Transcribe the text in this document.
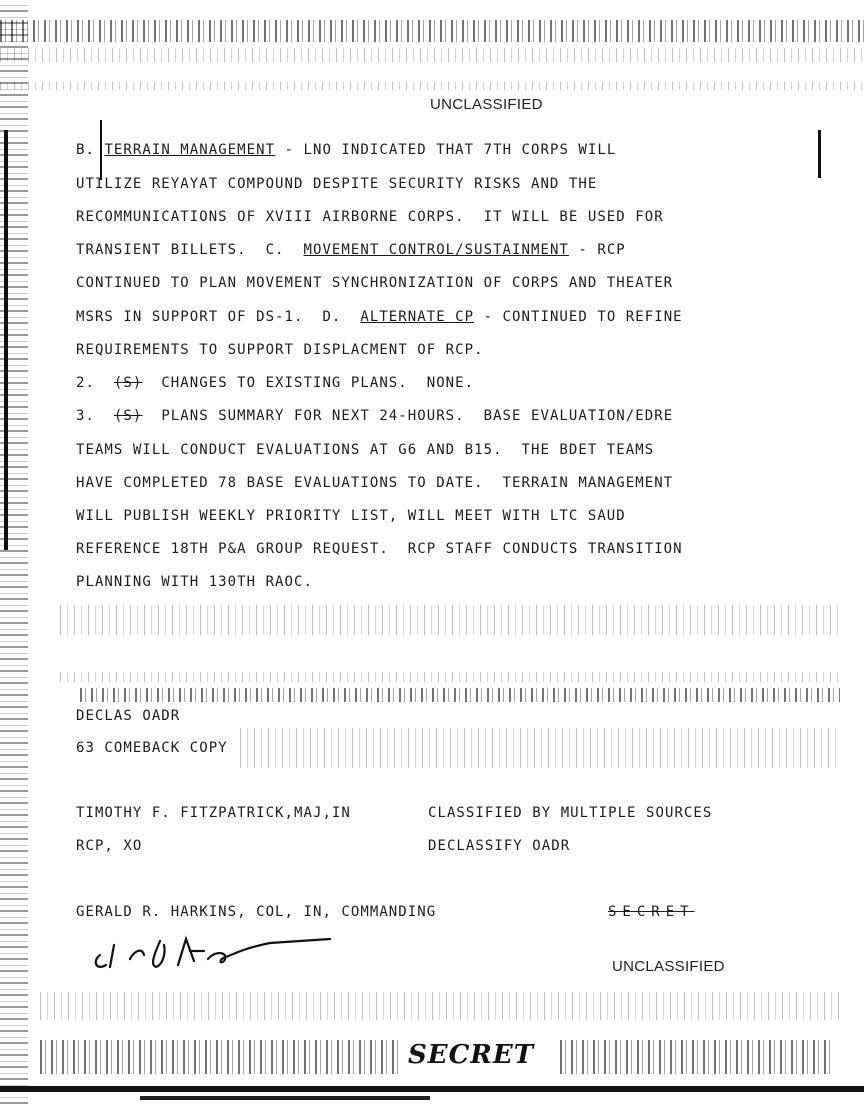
UNCLASSIFIED
B. TERRAIN MANAGEMENT - LNO INDICATED THAT 7TH CORPS WILL
UTILIZE REYAYAT COMPOUND DESPITE SECURITY RISKS AND THE
RECOMMUNICATIONS OF XVIII AIRBORNE CORPS.  IT WILL BE USED FOR
TRANSIENT BILLETS.  C.  MOVEMENT CONTROL/SUSTAINMENT - RCP
CONTINUED TO PLAN MOVEMENT SYNCHRONIZATION OF CORPS AND THEATER
MSRS IN SUPPORT OF DS-1.  D.  ALTERNATE CP - CONTINUED TO REFINE
REQUIREMENTS TO SUPPORT DISPLACMENT OF RCP.
2.  (S)  CHANGES TO EXISTING PLANS.  NONE.
3.  (S)  PLANS SUMMARY FOR NEXT 24-HOURS.  BASE EVALUATION/EDRE
TEAMS WILL CONDUCT EVALUATIONS AT G6 AND B15.  THE BDET TEAMS
HAVE COMPLETED 78 BASE EVALUATIONS TO DATE.  TERRAIN MANAGEMENT
WILL PUBLISH WEEKLY PRIORITY LIST, WILL MEET WITH LTC SAUD
REFERENCE 18TH P&A GROUP REQUEST.  RCP STAFF CONDUCTS TRANSITION
PLANNING WITH 130TH RAOC.
DECLAS OADR
63 COMEBACK COPY
TIMOTHY F. FITZPATRICK,MAJ,IN	CLASSIFIED BY MULTIPLE SOURCES
RCP, XO	DECLASSIFY OADR
GERALD R. HARKINS, COL, IN, COMMANDING	SECRET
UNCLASSIFIED
SECRET
